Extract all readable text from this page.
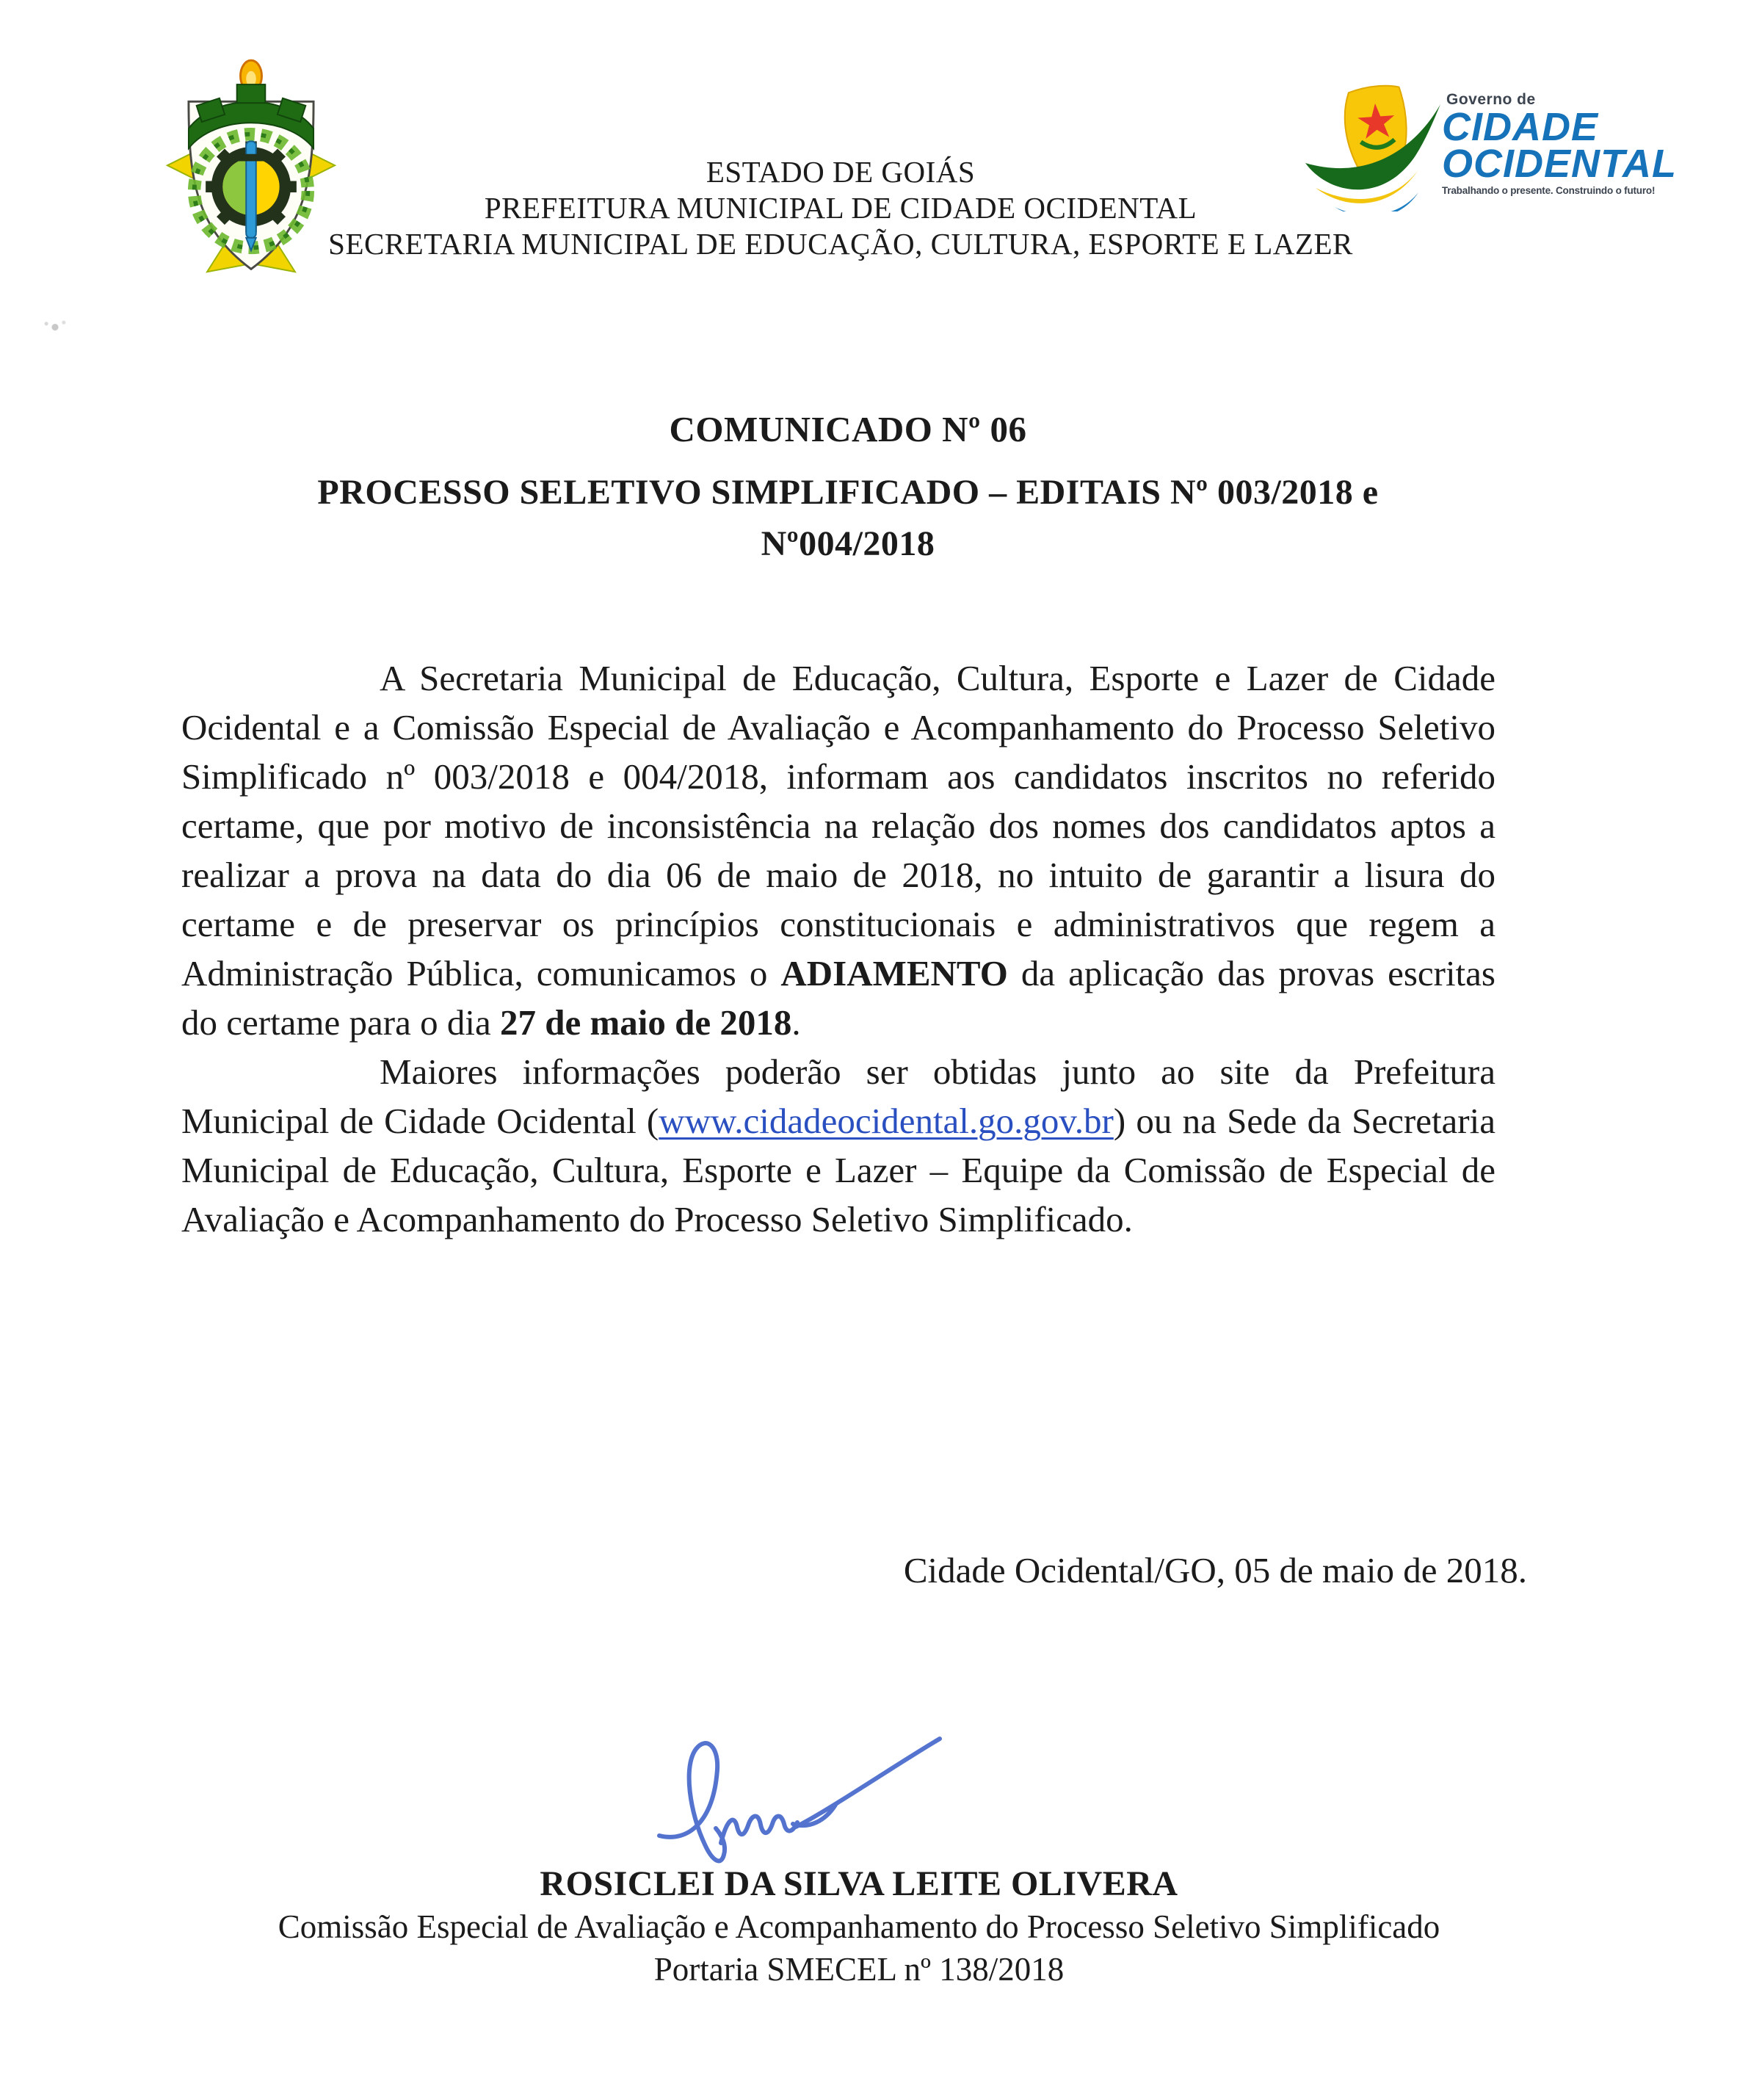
ESTADO DE GOIÁS
PREFEITURA MUNICIPAL DE CIDADE OCIDENTAL
SECRETARIA MUNICIPAL DE EDUCAÇÃO, CULTURA, ESPORTE E LAZER
Governo de
CIDADE
OCIDENTAL
Trabalhando o presente. Construindo o futuro!
COMUNICADO Nº 06
PROCESSO SELETIVO SIMPLIFICADO – EDITAIS Nº 003/2018 e
Nº004/2018

A Secretaria Municipal de Educação, Cultura, Esporte e Lazer de Cidade Ocidental e a Comissão Especial de Avaliação e Acompanhamento do Processo Seletivo Simplificado nº 003/2018 e 004/2018, informam aos candidatos inscritos no referido certame, que por motivo de inconsistência na relação dos nomes dos candidatos aptos a realizar a prova na data do dia 06 de maio de 2018, no intuito de garantir a lisura do certame e de preservar os princípios constitucionais e administrativos que regem a Administração Pública, comunicamos o ADIAMENTO da aplicação das provas escritas do certame para o dia 27 de maio de 2018.

Maiores informações poderão ser obtidas junto ao site da Prefeitura Municipal de Cidade Ocidental (www.cidadeocidental.go.gov.br) ou na Sede da Secretaria Municipal de Educação, Cultura, Esporte e Lazer – Equipe da Comissão de Especial de Avaliação e Acompanhamento do Processo Seletivo Simplificado.

Cidade Ocidental/GO, 05 de maio de 2018.
ROSICLEI DA SILVA LEITE OLIVERA
Comissão Especial de Avaliação e Acompanhamento do Processo Seletivo Simplificado
Portaria SMECEL nº 138/2018
